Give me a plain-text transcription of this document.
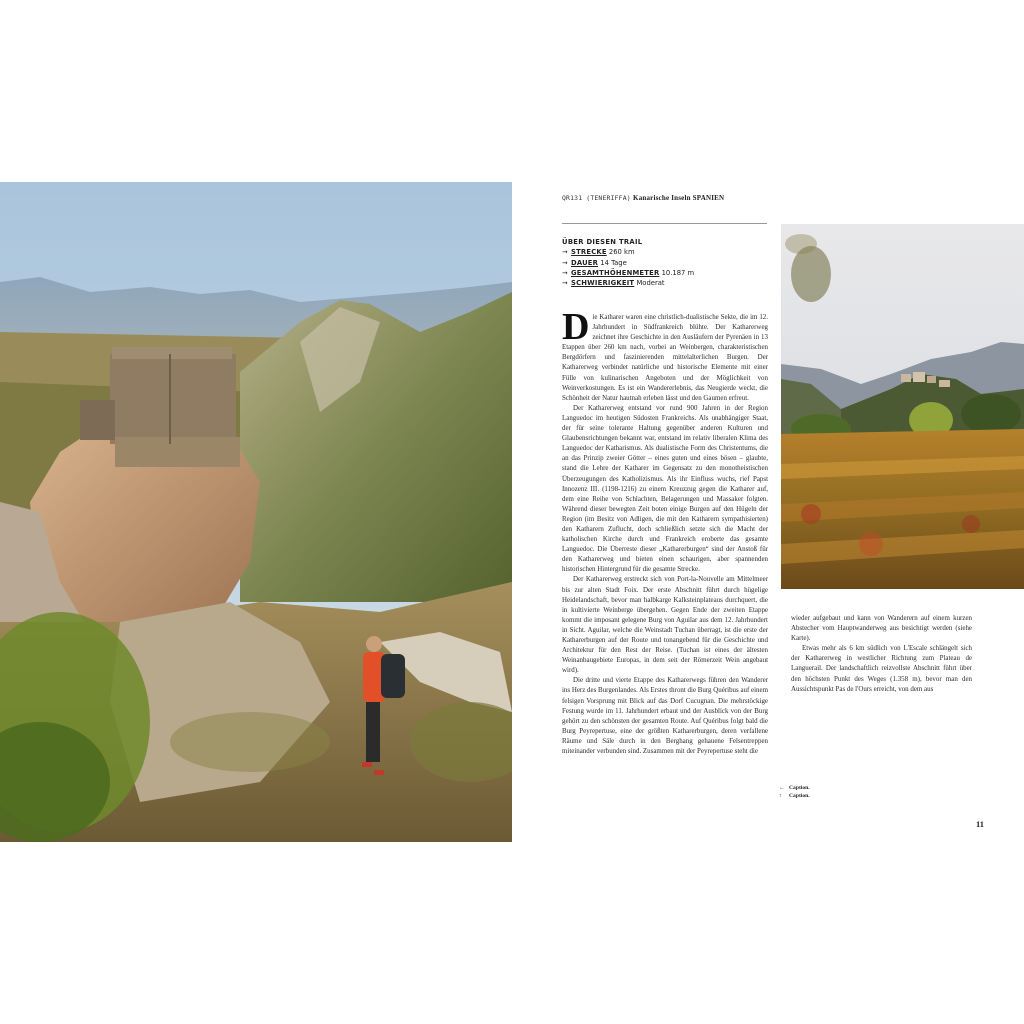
QR131 (TENERIFFA) Kanarische Inseln SPANIEN
ÜBER DIESEN TRAIL
→ STRECKE 260 km
→ DAUER 14 Tage
→ GESAMTHÖHENMETER 10.187 m
→ SCHWIERIGKEIT Moderat

Die Katharer waren eine christlich-dualistische Sekte, die im 12. Jahrhundert in Südfrankreich blühte. Der Katharerweg zeichnet ihre Geschichte in den Ausläufern der Pyrenäen in 13 Etappen über 260 km nach, vorbei an Weinbergen, charakteristischen Bergdörfern und faszinierenden mittelalterlichen Burgen. Der Katharerweg verbindet natürliche und historische Elemente mit einer Fülle von kulinarischen Angeboten und der Möglichkeit von Weinverkostungen. Es ist ein Wandererlebnis, das Neugierde weckt, die Schönheit der Natur hautnah erleben lässt und den Gaumen erfreut.

Der Katharerweg entstand vor rund 900 Jahren in der Region Languedoc im heutigen Südosten Frankreichs. Als unabhängiger Staat, der für seine tolerante Haltung gegenüber anderen Kulturen und Glaubensrichtungen bekannt war, entstand im relativ liberalen Klima des Languedoc der Katharismus. Als dualistische Form des Christentums, die an das Prinzip zweier Götter – eines guten und eines bösen – glaubte, stand die Lehre der Katharer im Gegensatz zu den monotheistischen Überzeugungen des Katholizismus. Als ihr Einfluss wuchs, rief Papst Innozenz III. (1198-1216) zu einem Kreuzzug gegen die Katharer auf, dem eine Reihe von Schlachten, Belagerungen und Massaker folgten. Während dieser bewegten Zeit boten einige Burgen auf den Hügeln der Region (im Besitz von Adligen, die mit den Katharern sympathisierten) den Katharern Zuflucht, doch schließlich setzte sich die Macht der katholischen Kirche durch und Frankreich eroberte das gesamte Languedoc. Die Überreste dieser „Katharerburgen“ sind der Anstoß für den Katharerweg und bieten einen schaurigen, aber spannenden historischen Hintergrund für die gesamte Strecke.

Der Katharerweg erstreckt sich von Port-la-Nouvelle am Mittelmeer bis zur alten Stadt Foix. Der erste Abschnitt führt durch hügelige Heidelandschaft, bevor man halbkarge Kalksteinplateaus durchquert, die in kultivierte Weinberge übergehen. Gegen Ende der zweiten Etappe kommt die imposant gelegene Burg von Aguilar aus dem 12. Jahrhundert in Sicht. Aguilar, welche die Weinstadt Tuchan überragt, ist die erste der Katharerburgen auf der Route und tonangebend für die Geschichte und Architektur für den Rest der Reise. (Tuchan ist eines der ältesten Weinanbaugebiete Europas, in dem seit der Römerzeit Wein angebaut wird).

Die dritte und vierte Etappe des Katharerwegs führen den Wanderer ins Herz des Burgenlandes. Als Erstes thront die Burg Quéribus auf einem felsigen Vorsprung mit Blick auf das Dorf Cucugnan. Die mehrstöckige Festung wurde im 11. Jahrhundert erbaut und der Ausblick von der Burg gehört zu den schönsten der gesamten Route. Auf Quéribus folgt bald die Burg Peyrepertuse, eine der größten Katharerburgen, deren verfallene Räume und Säle durch in den Berghang gehauene Felsentreppen miteinander verbunden sind. Zusammen mit der Peyrepertuse steht die

wieder aufgebaut und kann von Wanderern auf einem kurzen Abstecher vom Hauptwanderweg aus besichtigt werden (siehe Karte).

Etwas mehr als 6 km südlich von L'Escale schlängelt sich der Katharerweg in westlicher Richtung zum Plateau de Languerail. Der landschaftlich reizvollste Abschnitt führt über den höchsten Punkt des Weges (1.358 m), bevor man den Aussichtspunkt Pas de l'Ours erreicht, von dem aus

← Caption.
↑ Caption.
11
